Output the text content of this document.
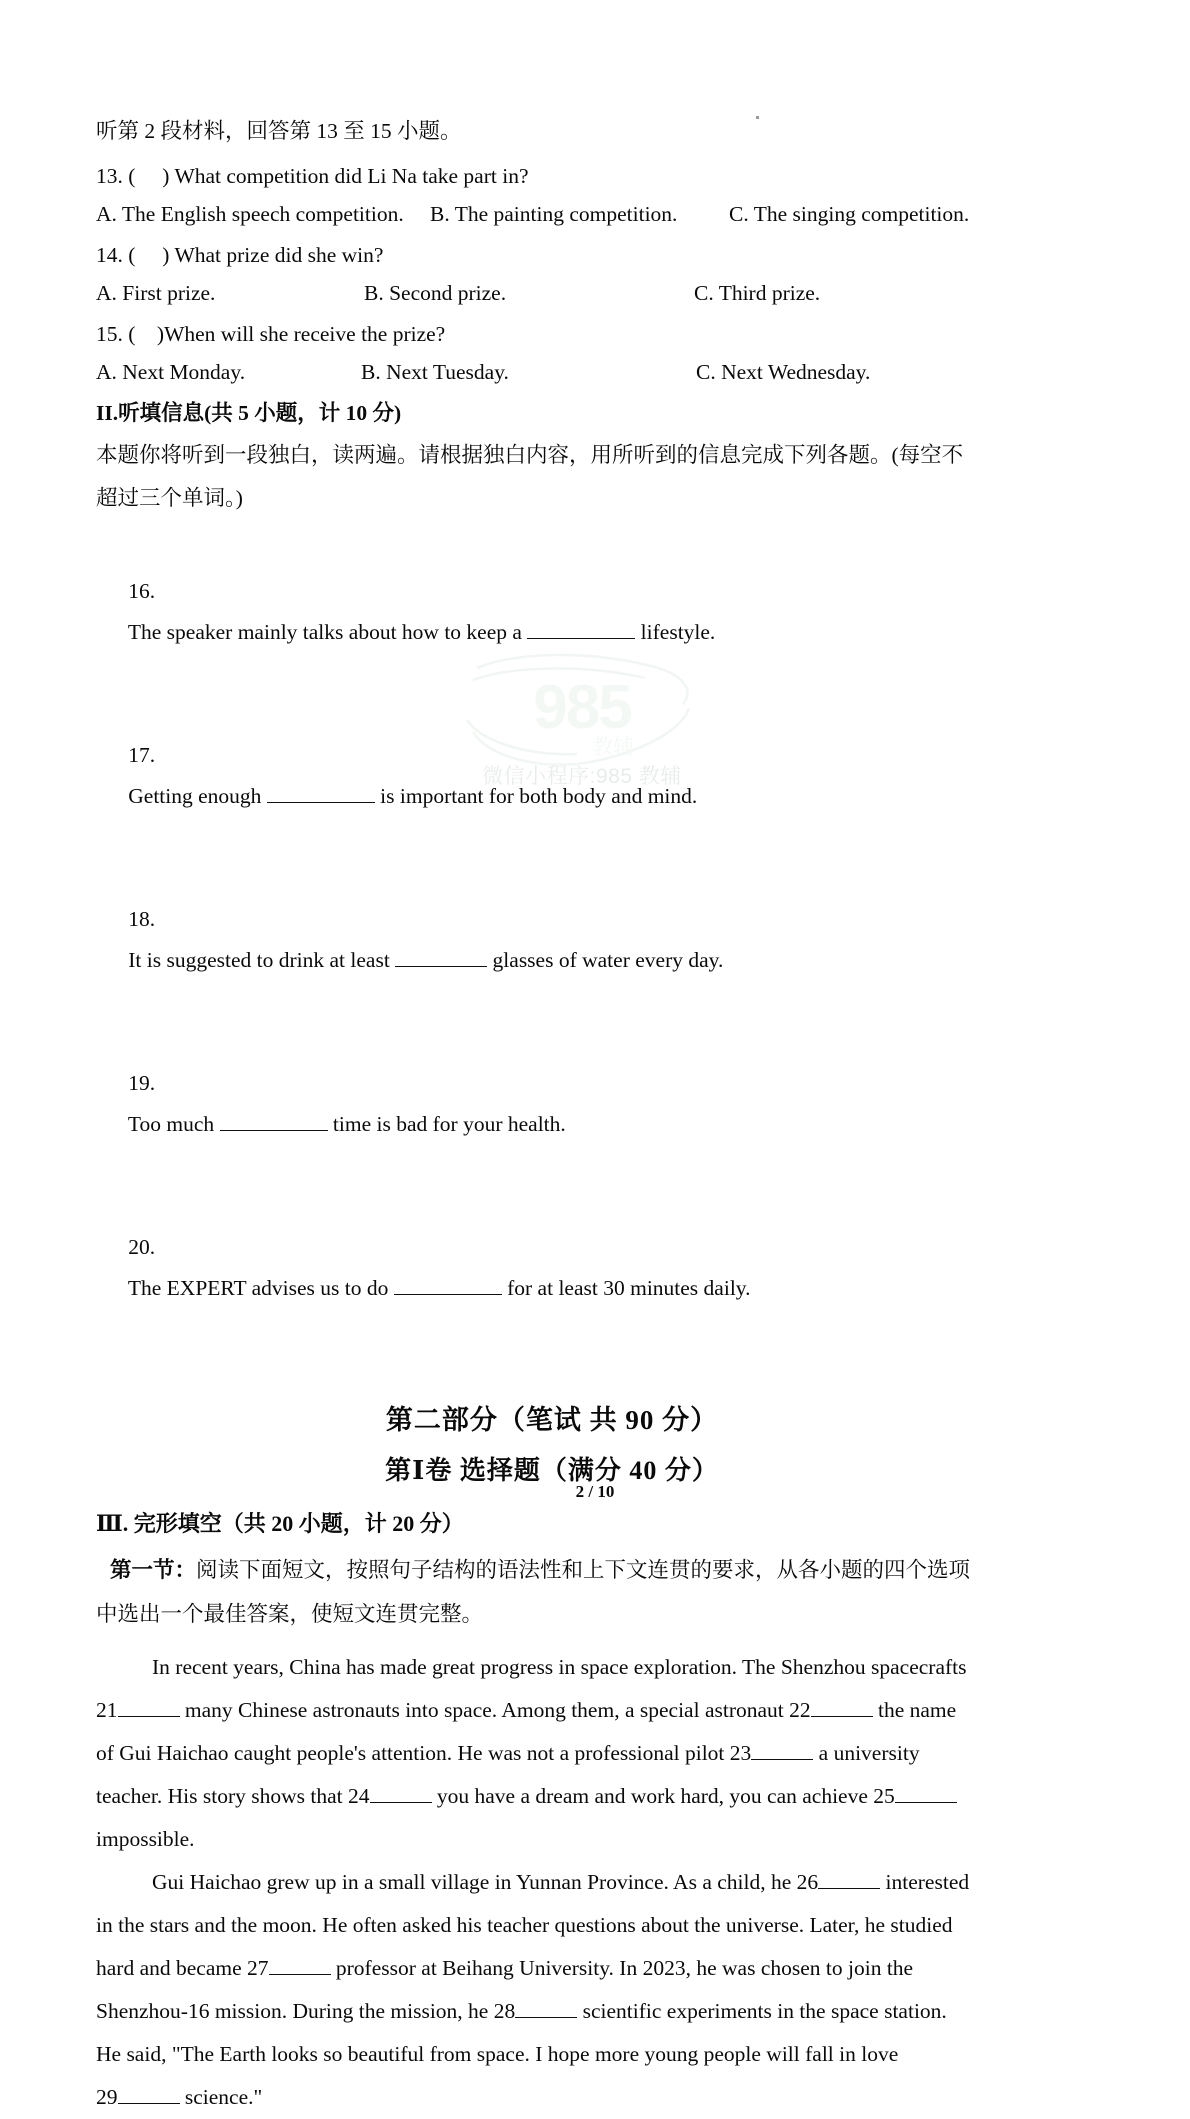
985
教辅
微信小程序:985 教辅
听第 2 段材料，回答第 13 至 15 小题。
13. (     ) What competition did Li Na take part in?
A. The English speech competition.	B. The painting competition.	C. The singing competition.
14. (     ) What prize did she win?
A. First prize.	B. Second prize.	C. Third prize.
15. (    )When will she receive the prize?
A. Next Monday.	B. Next Tuesday.	C. Next Wednesday.
II.听填信息(共 5 小题，计 10 分)
本题你将听到一段独白，读两遍。请根据独白内容，用所听到的信息完成下列各题。(每空不
超过三个单词。)

16.
The speaker mainly talks about how to keep a	lifestyle.

17.
Getting enough	is important for both body and mind.

18.
It is suggested to drink at least	glasses of water every day.

19.
Too much	time is bad for your health.

20.
The EXPERT advises us to do	for at least 30 minutes daily.

第二部分（笔试 共 90 分）
第Ⅰ卷 选择题（满分 40 分）
Ⅲ. 完形填空（共 20 小题，计 20 分）
第一节：阅读下面短文，按照句子结构的语法性和上下文连贯的要求，从各小题的四个选项
中选出一个最佳答案，使短文连贯完整。
In recent years, China has made great progress in space exploration. The Shenzhou spacecrafts
21	many Chinese astronauts into space. Among them, a special astronaut 22	the name
of Gui Haichao caught people's attention. He was not a professional pilot 23	a university
teacher. His story shows that 24	you have a dream and work hard, you can achieve 25
impossible.
Gui Haichao grew up in a small village in Yunnan Province. As a child, he 26	interested
in the stars and the moon. He often asked his teacher questions about the universe. Later, he studied
hard and became 27	professor at Beihang University. In 2023, he was chosen to join the
Shenzhou-16 mission. During the mission, he 28	scientific experiments in the space station.
He said, "The Earth looks so beautiful from space. I hope more young people will fall in love
29	science."
2 / 10
